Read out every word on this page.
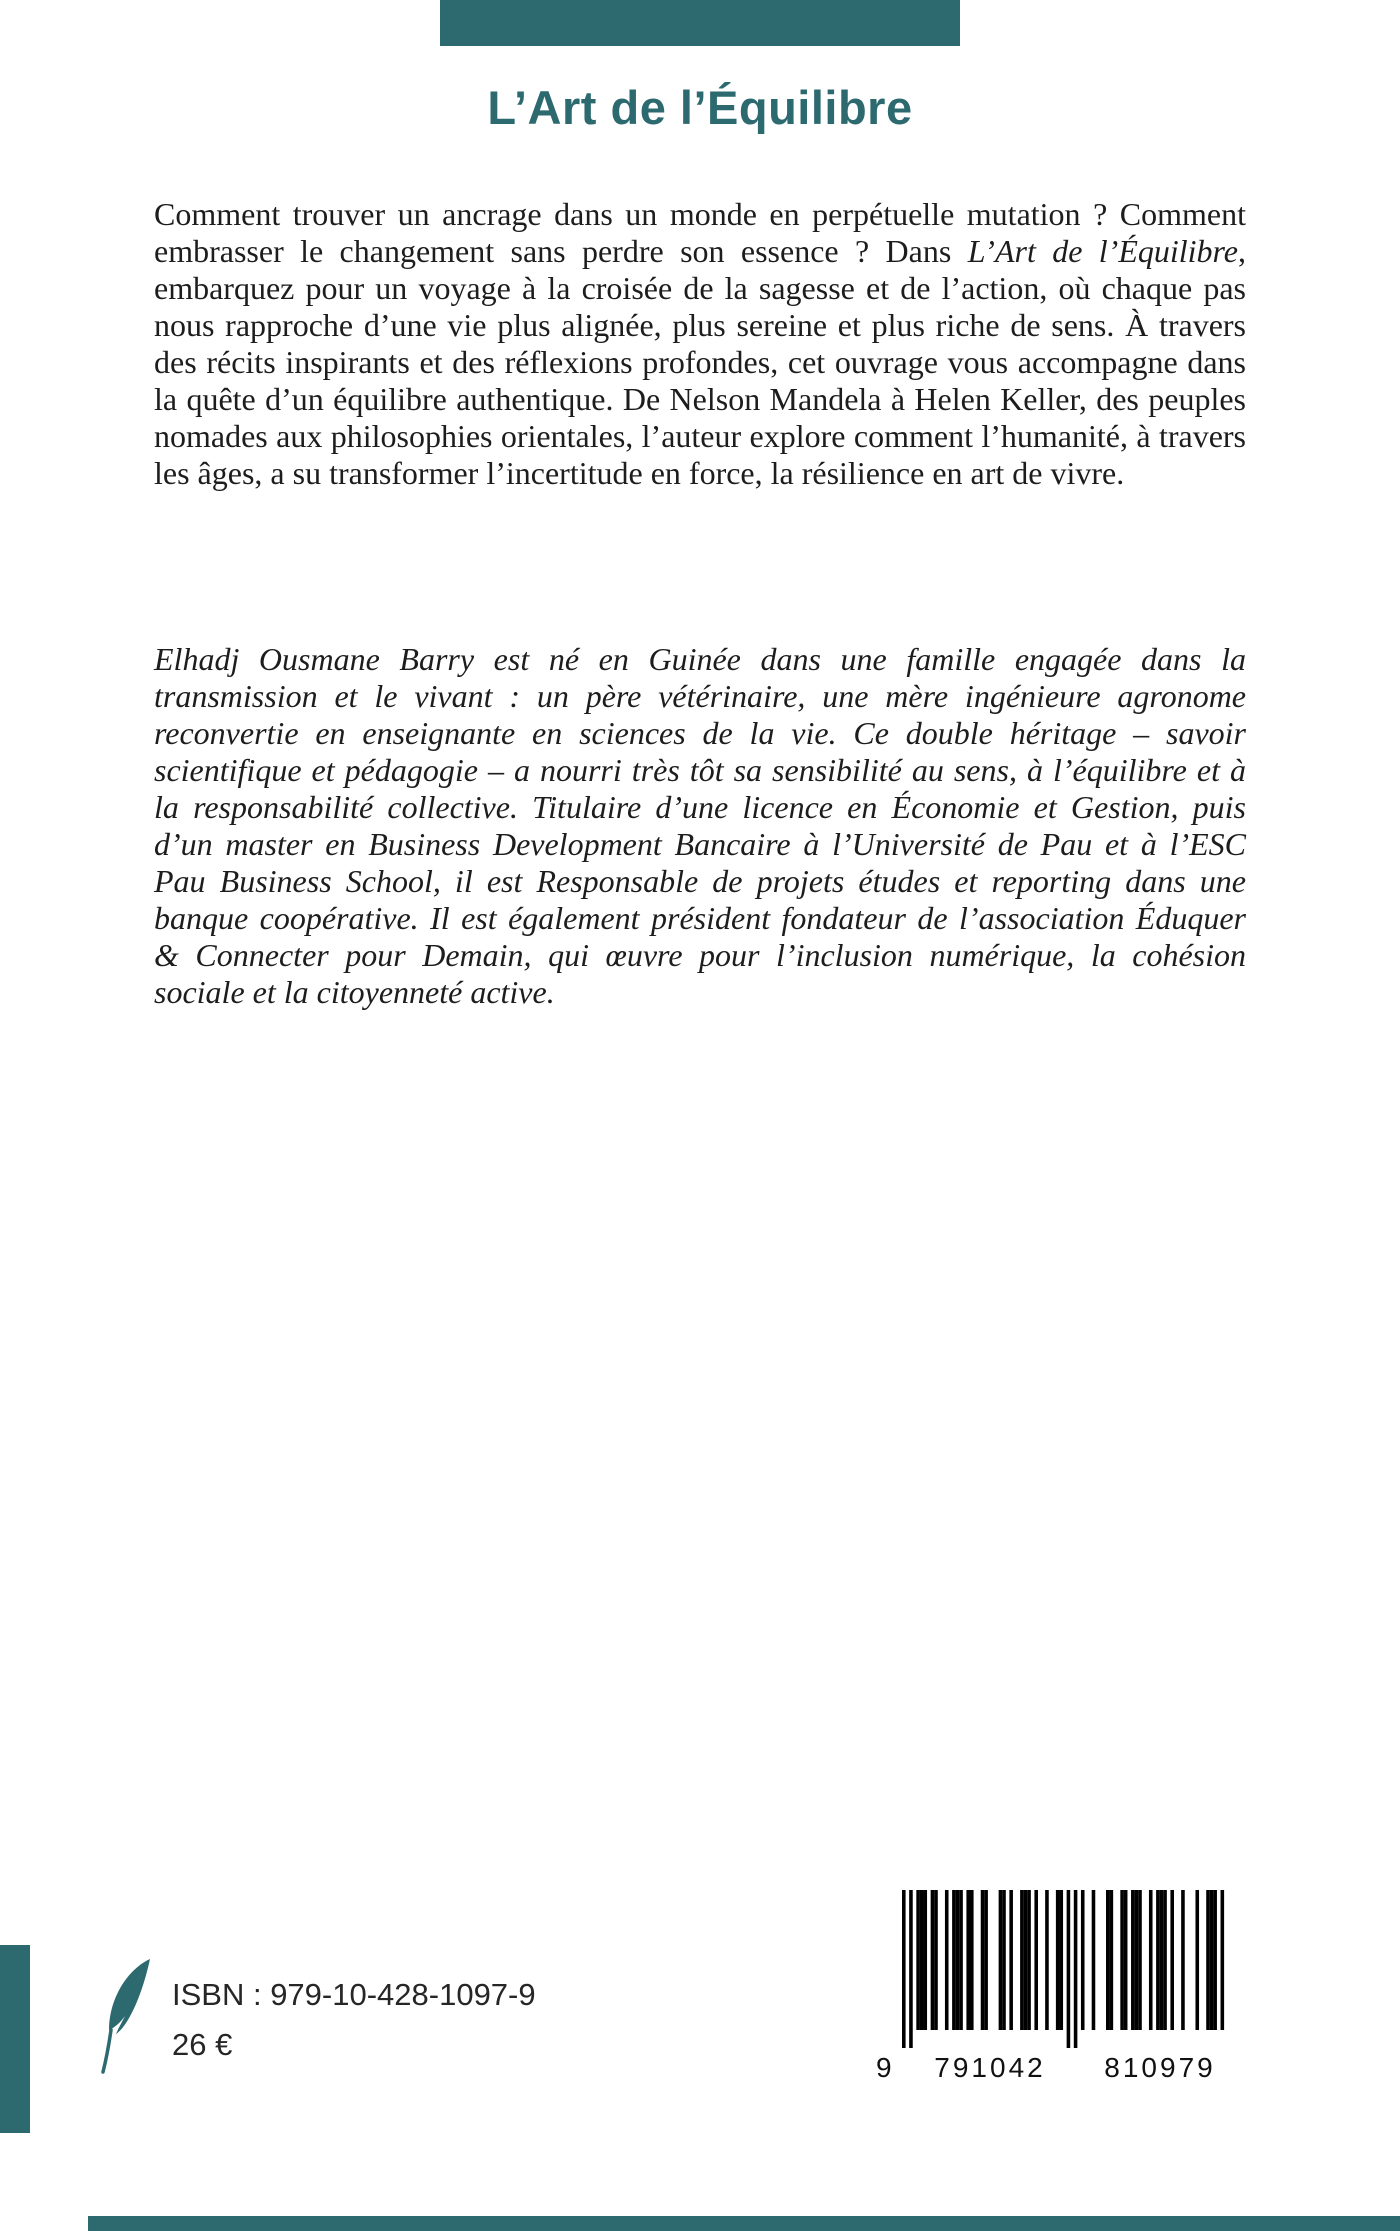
L’Art de l’Équilibre

Comment trouver un ancrage dans un monde en perpétuelle mutation ? Comment embrasser le changement sans perdre son essence ? Dans L’Art de l’Équilibre, embarquez pour un voyage à la croisée de la sagesse et de l’action, où chaque pas nous rapproche d’une vie plus alignée, plus sereine et plus riche de sens. À travers des récits inspirants et des réflexions profondes, cet ouvrage vous accompagne dans la quête d’un équilibre authentique. De Nelson Mandela à Helen Keller, des peuples nomades aux philosophies orientales, l’auteur explore comment l’humanité, à travers les âges, a su transformer l’incertitude en force, la résilience en art de vivre.

Elhadj Ousmane Barry est né en Guinée dans une famille engagée dans la transmission et le vivant : un père vétérinaire, une mère ingénieure agronome reconvertie en enseignante en sciences de la vie. Ce double héritage – savoir scientifique et pédagogie – a nourri très tôt sa sensibilité au sens, à l’équilibre et à la responsabilité collective. Titulaire d’une licence en Économie et Gestion, puis d’un master en Business Development Bancaire à l’Université de Pau et à l’ESC Pau Business School, il est Responsable de projets études et reporting dans une banque coopérative. Il est également président fondateur de l’association Éduquer & Connecter pour Demain, qui œuvre pour l’inclusion numérique, la cohésion sociale et la citoyenneté active.

ISBN : 979-10-428-1097-9
26 €
9 791042 810979
